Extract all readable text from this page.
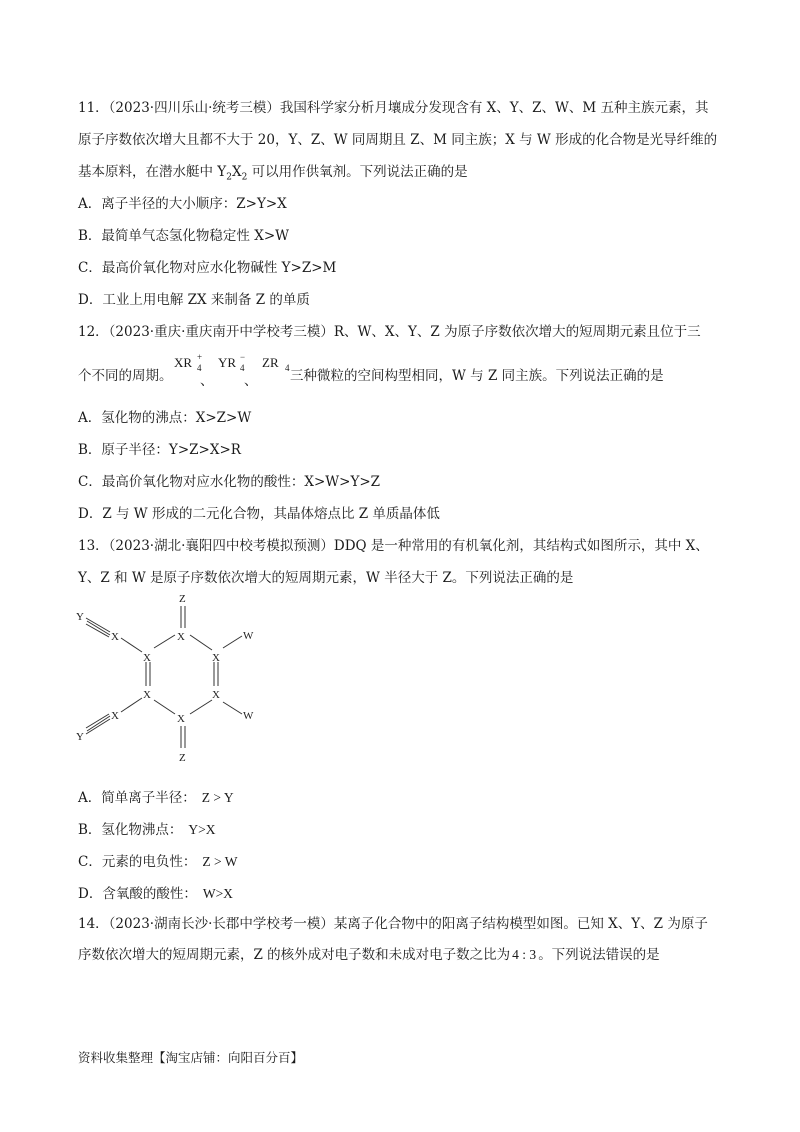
11．（2023·四川乐山·统考三模）我国科学家分析月壤成分发现含有 X、Y、Z、W、M 五种主族元素，其
原子序数依次增大且都不大于 20，Y、Z、W 同周期且 Z、M 同主族；X 与 W 形成的化合物是光导纤维的
基本原料，在潜水艇中 $Y_2X_2$ 可以用作供氧剂。下列说法正确的是
A．离子半径的大小顺序：Z>Y>X
B．最简单气态氢化物稳定性 X>W
C．最高价氧化物对应水化物碱性 Y>Z>M
D．工业上用电解 ZX 来制备 Z 的单质
12．（2023·重庆·重庆南开中学校考三模）R、W、X、Y、Z 为原子序数依次增大的短周期元素且位于三
个不同的周期。	三种微粒的空间构型相同，W 与 Z 同主族。下列说法正确的是
XR +
4
、
YR −
4
、
ZR 4
A．氢化物的沸点：X>Z>W
B．原子半径：Y>Z>X>R
C．最高价氧化物对应水化物的酸性：X>W>Y>Z
D．Z 与 W 形成的二元化合物，其晶体熔点比 Z 单质晶体低
13．（2023·湖北·襄阳四中校考模拟预测）DDQ 是一种常用的有机氧化剂，其结构式如图所示，其中 X、
Y、Z 和 W 是原子序数依次增大的短周期元素，W 半径大于 Z。下列说法正确的是
Z
X
Y
X
X	X
W
X	X
X	W
Y
X
Z
A．简单离子半径： Z > Y
B．氢化物沸点： Y>X
C．元素的电负性： Z > W
D．含氧酸的酸性： W>X
14．（2023·湖南长沙·长郡中学校考一模）某离子化合物中的阳离子结构模型如图。已知 X、Y、Z 为原子
序数依次增大的短周期元素，Z 的核外成对电子数和未成对电子数之比为 4 : 3 。下列说法错误的是
资料收集整理【淘宝店铺：向阳百分百】
